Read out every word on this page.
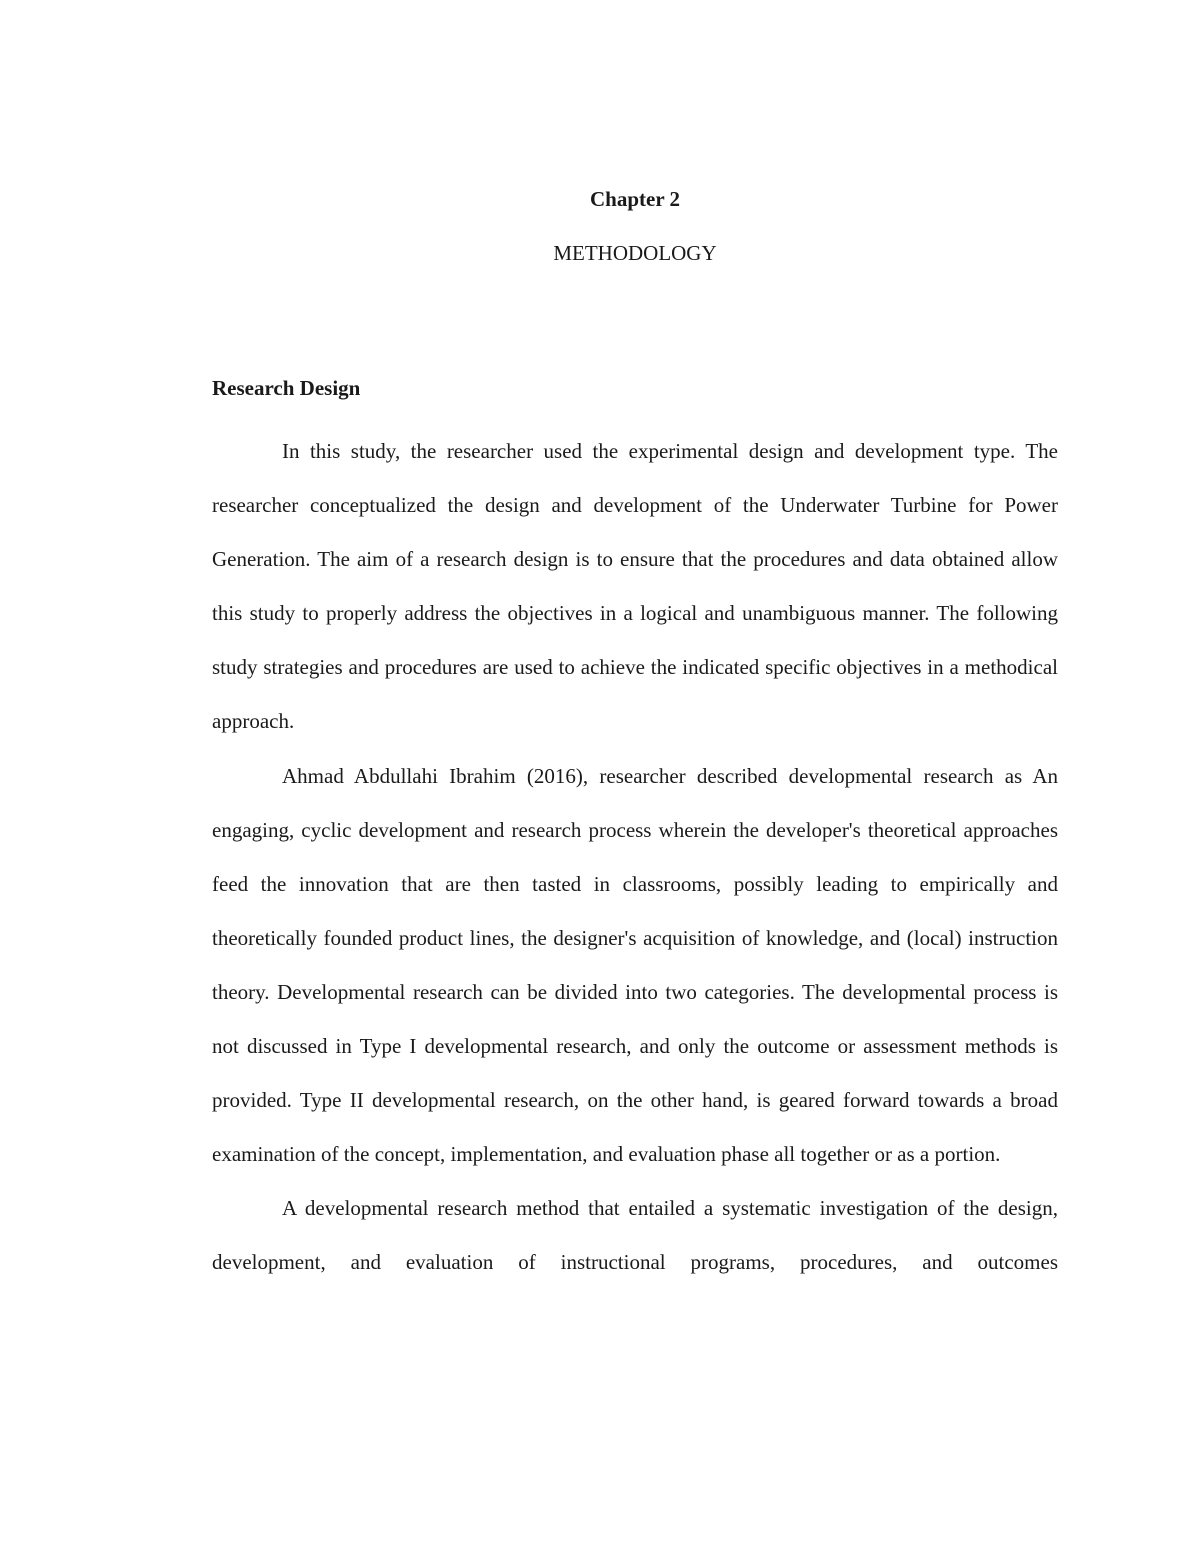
Chapter 2
METHODOLOGY
Research Design

In this study, the researcher used the experimental design and development type. The researcher conceptualized the design and development of the Underwater Turbine for Power Generation. The aim of a research design is to ensure that the procedures and data obtained allow this study to properly address the objectives in a logical and unambiguous manner. The following study strategies and procedures are used to achieve the indicated specific objectives in a methodical approach.

Ahmad Abdullahi Ibrahim (2016), researcher described developmental research as An engaging, cyclic development and research process wherein the developer's theoretical approaches feed the innovation that are then tasted in classrooms, possibly leading to empirically and theoretically founded product lines, the designer's acquisition of knowledge, and (local) instruction theory. Developmental research can be divided into two categories. The developmental process is not discussed in Type I developmental research, and only the outcome or assessment methods is provided. Type II developmental research, on the other hand, is geared forward towards a broad examination of the concept, implementation, and evaluation phase all together or as a portion.

A developmental research method that entailed a systematic investigation of the design, development, and evaluation of instructional programs, procedures, and outcomes
